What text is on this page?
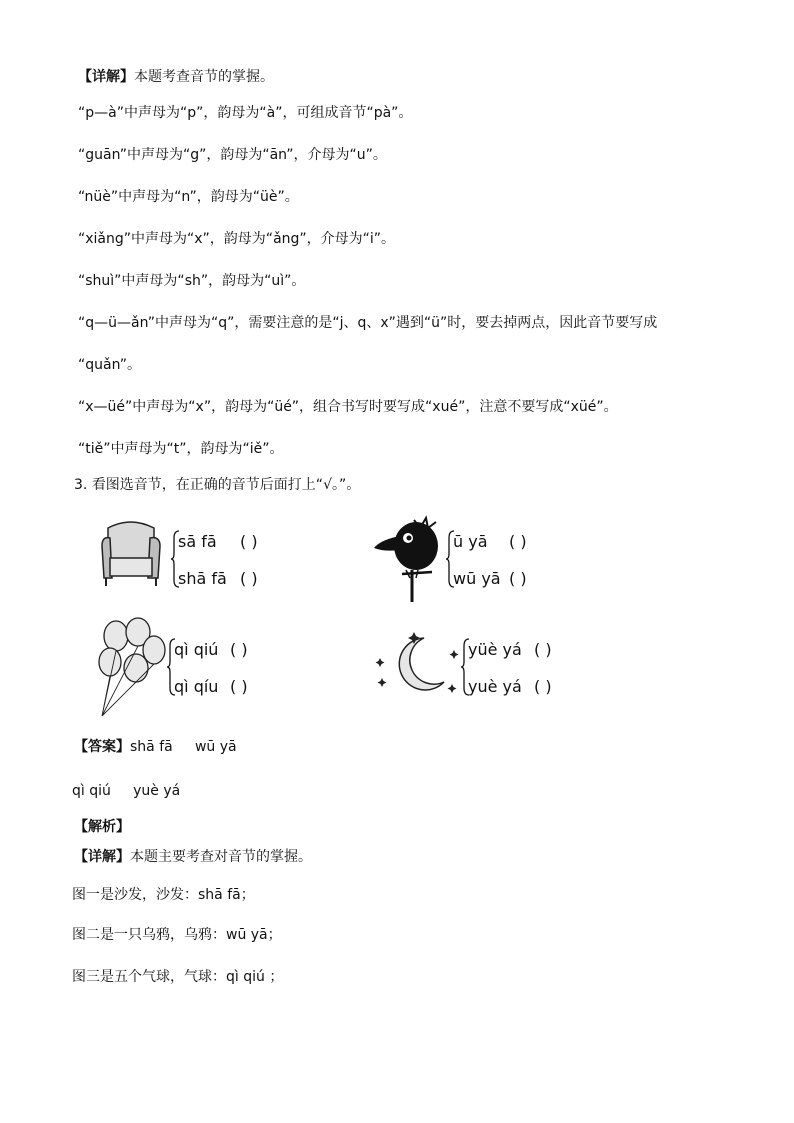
【详解】本题考查音节的掌握。
“p—à”中声母为“p”，韵母为“à”，可组成音节“pà”。
“guān”中声母为“g”，韵母为“ān”，介母为“u”。
“nüè”中声母为“n”，韵母为“üè”。
“xiǎng”中声母为“x”，韵母为“ǎng”，介母为“i”。
“shuì”中声母为“sh”，韵母为“uì”。
“q—ü—ǎn”中声母为“q”，需要注意的是“j、q、x”遇到“ü”时，要去掉两点，因此音节要写成
“quǎn”。
“x—üé”中声母为“x”，韵母为“üé”，组合书写时要写成“xué”，注意不要写成“xüé”。
“tiě”中声母为“t”，韵母为“iě”。
3. 看图选音节，在正确的音节后面打上“√。”。
sā fā ( )
shā fā ( )
ū yā ( )
wū yā ( )
qì qiú ( )
qì qíu ( )
yüè yá ( )
yuè yá ( )
【答案】shā fā     wū yā
qì qiú     yuè yá
【解析】
【详解】本题主要考查对音节的掌握。
图一是沙发，沙发：shā fā；
图二是一只乌鸦，乌鸦：wū yā；
图三是五个气球，气球：qì qiú ；
